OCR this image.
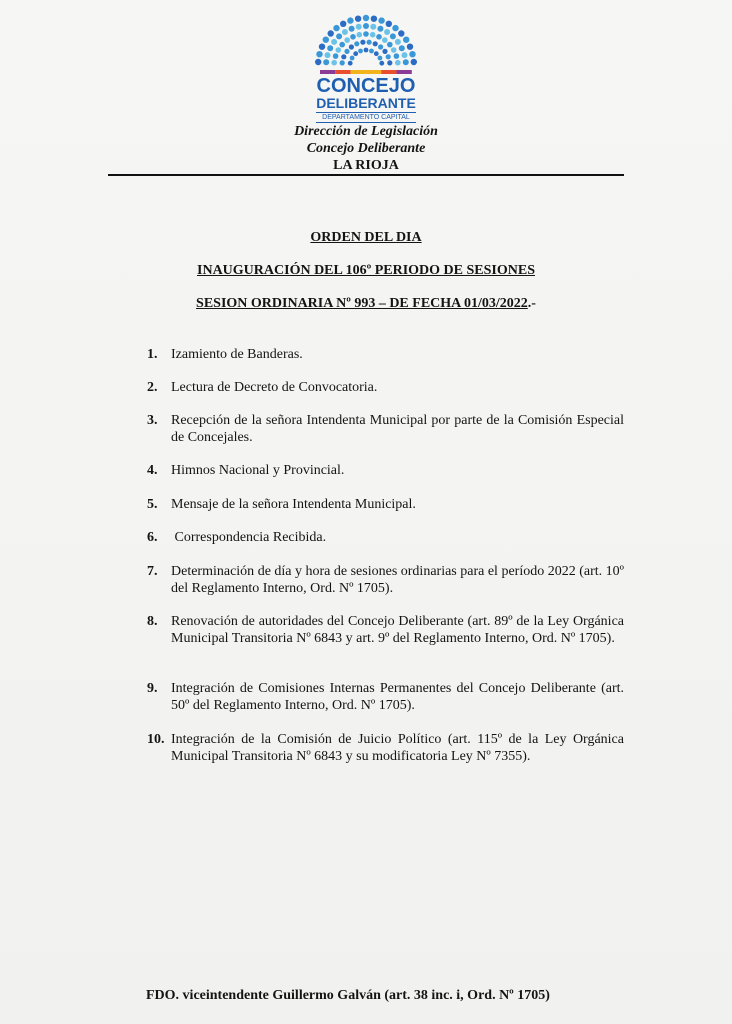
CONCEJO
DELIBERANTE
DEPARTAMENTO CAPITAL
Dirección de Legislación
Concejo Deliberante
LA RIOJA
ORDEN DEL DIA
INAUGURACIÓN DEL 106º PERIODO DE SESIONES
SESION ORDINARIA Nº 993 – DE FECHA 01/03/2022.-
1. Izamiento de Banderas.
2. Lectura de Decreto de Convocatoria.
3. Recepción de la señora Intendenta Municipal por parte de la Comisión Especial de Concejales.
4. Himnos Nacional y Provincial.
5. Mensaje de la señora Intendenta Municipal.
6. Correspondencia Recibida.
7. Determinación de día y hora de sesiones ordinarias para el período 2022 (art. 10º del Reglamento Interno, Ord. Nº 1705).
8. Renovación de autoridades del Concejo Deliberante (art. 89º de la Ley Orgánica Municipal Transitoria Nº 6843 y art. 9º del Reglamento Interno, Ord. Nº 1705).
9. Integración de Comisiones Internas Permanentes del Concejo Deliberante (art. 50º del Reglamento Interno, Ord. Nº 1705).
10. Integración de la Comisión de Juicio Político (art. 115º de la Ley Orgánica Municipal Transitoria Nº 6843 y su modificatoria Ley Nº 7355).
FDO. viceintendente Guillermo Galván (art. 38 inc. i, Ord. Nº 1705)
